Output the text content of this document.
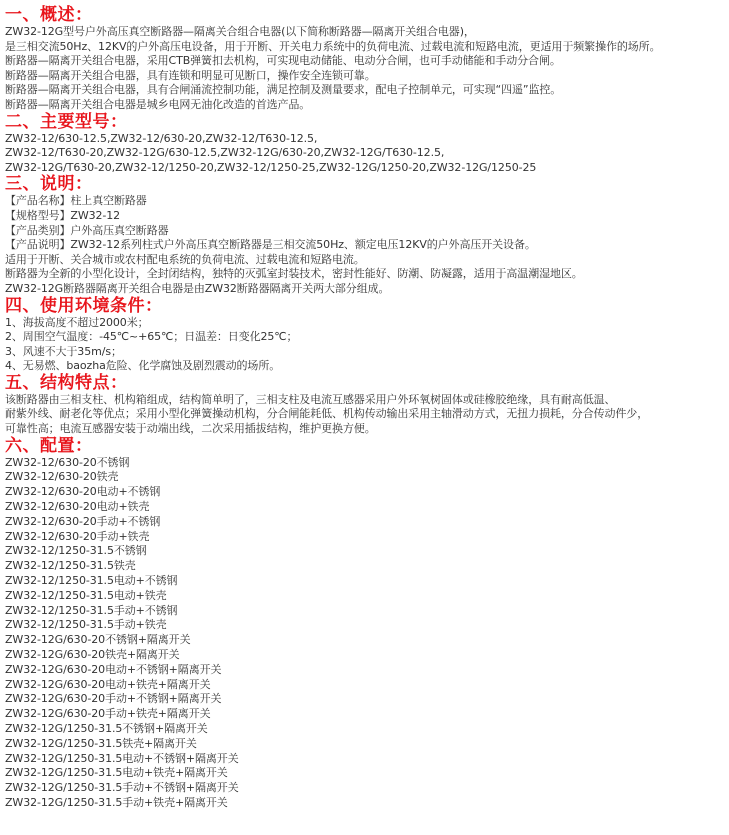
一、概述：
ZW32-12G型号户外高压真空断路器—隔离关合组合电器(以下简称断路器—隔离开关组合电器)，
是三相交流50Hz、12KV的户外高压电设备，用于开断、开关电力系统中的负荷电流、过载电流和短路电流，更适用于频繁操作的场所。
断路器—隔离开关组合电器，采用CTB弹簧扣去机构，可实现电动储能、电动分合闸，也可手动储能和手动分合闸。
断路器—隔离开关组合电器，具有连锁和明显可见断口，操作安全连锁可靠。
断路器—隔离开关组合电器，具有合闸涌流控制功能，满足控制及测量要求，配电子控制单元，可实现“四遥”监控。
断路器—隔离开关组合电器是城乡电网无油化改造的首选产品。
二、主要型号：
ZW32-12/630-12.5,ZW32-12/630-20,ZW32-12/T630-12.5,
ZW32-12/T630-20,ZW32-12G/630-12.5,ZW32-12G/630-20,ZW32-12G/T630-12.5,
ZW32-12G/T630-20,ZW32-12/1250-20,ZW32-12/1250-25,ZW32-12G/1250-20,ZW32-12G/1250-25
三、说明：
【产品名称】柱上真空断路器
【规格型号】ZW32-12
【产品类别】户外高压真空断路器
【产品说明】ZW32-12系列柱式户外高压真空断路器是三相交流50Hz、额定电压12KV的户外高压开关设备。
适用于开断、关合城市或农村配电系统的负荷电流、过载电流和短路电流。
断路器为全新的小型化设计，全封闭结构，独特的灭弧室封装技术，密封性能好、防潮、防凝露，适用于高温潮湿地区。
ZW32-12G断路器隔离开关组合电器是由ZW32断路器隔离开关两大部分组成。
四、使用环境条件：
1、海拔高度不超过2000米；
2、周围空气温度：-45℃~+65℃；日温差：日变化25℃；
3、风速不大于35m/s；
4、无易燃、baozha危险、化学腐蚀及剧烈震动的场所。
五、结构特点：
该断路器由三相支柱、机构箱组成，结构简单明了，三相支柱及电流互感器采用户外环氧树固体或硅橡胶绝缘，具有耐高低温、
耐紫外线、耐老化等优点；采用小型化弹簧操动机构，分合闸能耗低、机构传动输出采用主轴滑动方式，无扭力损耗，分合传动件少，
可靠性高；电流互感器安装于动端出线，二次采用插拔结构，维护更换方便。
六、配置：
ZW32-12/630-20不锈钢
ZW32-12/630-20铁壳
ZW32-12/630-20电动+不锈钢
ZW32-12/630-20电动+铁壳
ZW32-12/630-20手动+不锈钢
ZW32-12/630-20手动+铁壳
ZW32-12/1250-31.5不锈钢
ZW32-12/1250-31.5铁壳
ZW32-12/1250-31.5电动+不锈钢
ZW32-12/1250-31.5电动+铁壳
ZW32-12/1250-31.5手动+不锈钢
ZW32-12/1250-31.5手动+铁壳
ZW32-12G/630-20不锈钢+隔离开关
ZW32-12G/630-20铁壳+隔离开关
ZW32-12G/630-20电动+不锈钢+隔离开关
ZW32-12G/630-20电动+铁壳+隔离开关
ZW32-12G/630-20手动+不锈钢+隔离开关
ZW32-12G/630-20手动+铁壳+隔离开关
ZW32-12G/1250-31.5不锈钢+隔离开关
ZW32-12G/1250-31.5铁壳+隔离开关
ZW32-12G/1250-31.5电动+不锈钢+隔离开关
ZW32-12G/1250-31.5电动+铁壳+隔离开关
ZW32-12G/1250-31.5手动+不锈钢+隔离开关
ZW32-12G/1250-31.5手动+铁壳+隔离开关
